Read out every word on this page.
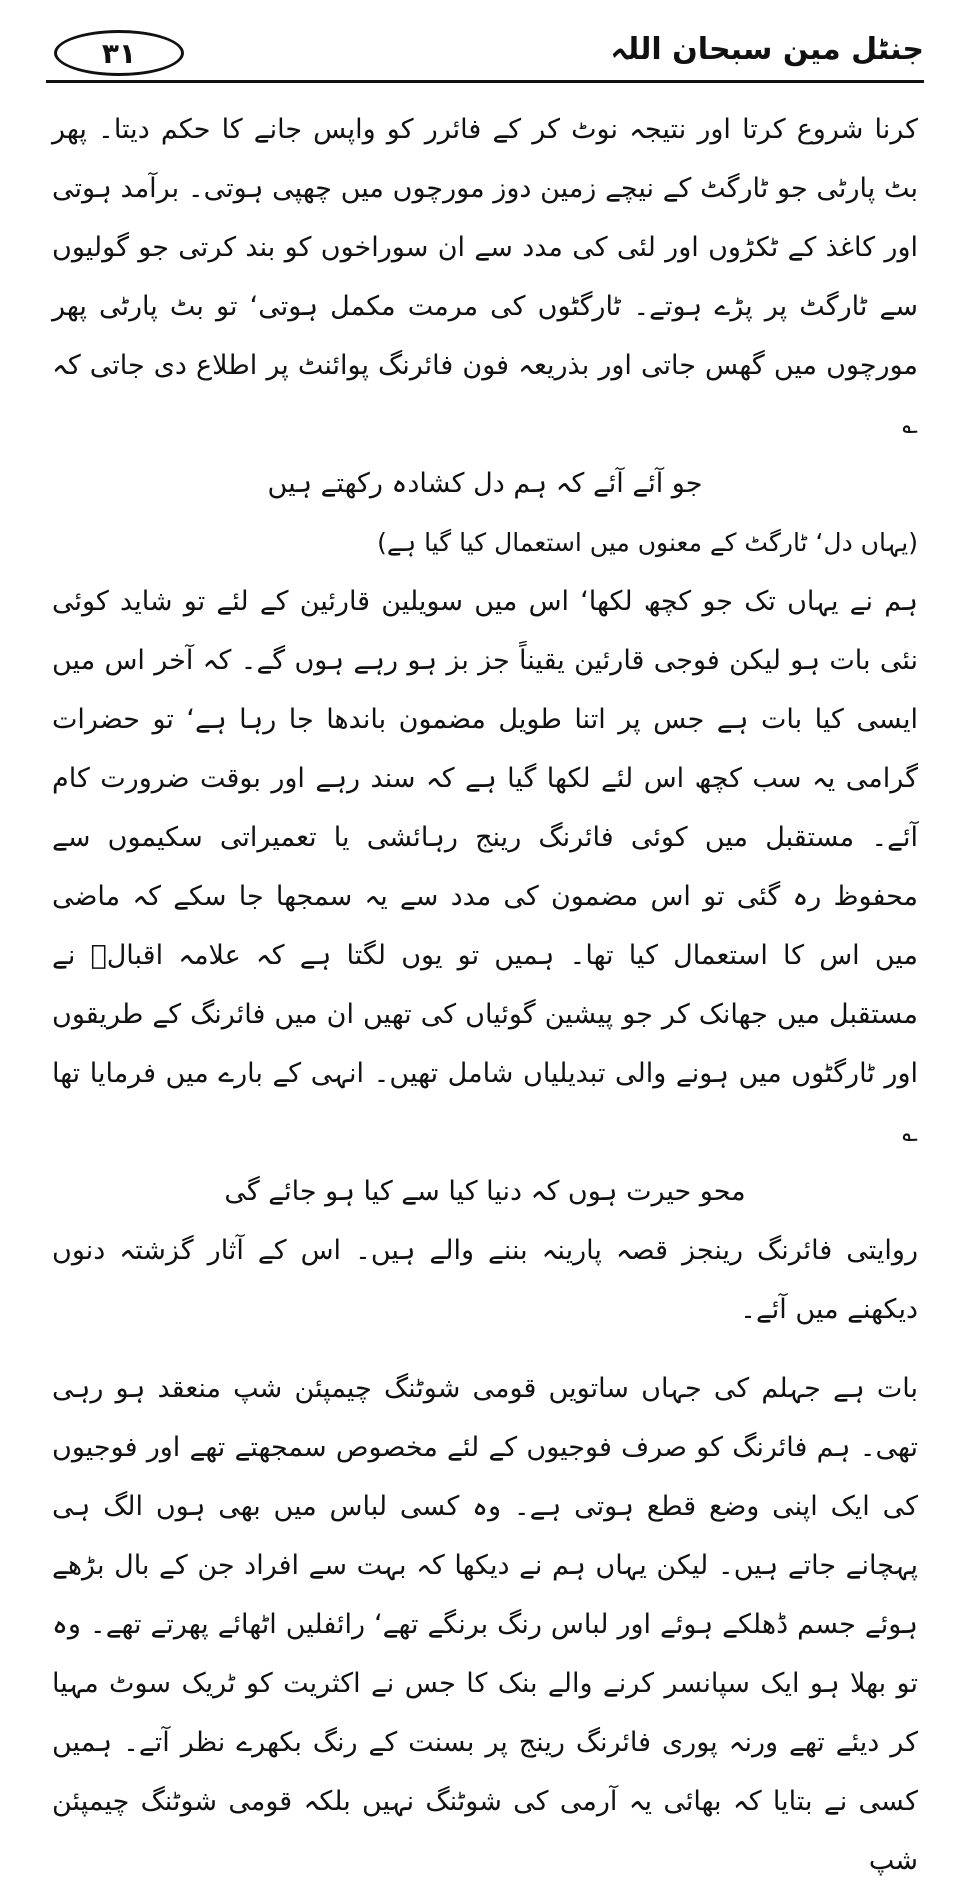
۳۱	جنٹل مین سبحان اللہ

کرنا شروع کرتا اور نتیجہ نوٹ کر کے فائرر کو واپس جانے کا حکم دیتا۔ پھر بٹ پارٹی جو ٹارگٹ کے نیچے زمین دوز مورچوں میں چھپی ہوتی۔ برآمد ہوتی اور کاغذ کے ٹکڑوں اور لئی کی مدد سے ان سوراخوں کو بند کرتی جو گولیوں سے ٹارگٹ پر پڑے ہوتے۔ ٹارگٹوں کی مرمت مکمل ہوتی‘ تو بٹ پارٹی پھر مورچوں میں گھس جاتی اور بذریعہ فون فائرنگ پوائنٹ پر اطلاع دی جاتی کہ ؎

جو آئے آئے کہ ہم دل کشادہ رکھتے ہیں

(یہاں دل‘ ٹارگٹ کے معنوں میں استعمال کیا گیا ہے)

ہم نے یہاں تک جو کچھ لکھا‘ اس میں سویلین قارئین کے لئے تو شاید کوئی نئی بات ہو لیکن فوجی قارئین یقیناً جز بز ہو رہے ہوں گے۔ کہ آخر اس میں ایسی کیا بات ہے جس پر اتنا طویل مضمون باندھا جا رہا ہے‘ تو حضرات گرامی یہ سب کچھ اس لئے لکھا گیا ہے کہ سند رہے اور بوقت ضرورت کام آئے۔ مستقبل میں کوئی فائرنگ رینج رہائشی یا تعمیراتی سکیموں سے محفوظ رہ گئی تو اس مضمون کی مدد سے یہ سمجھا جا سکے کہ ماضی میں اس کا استعمال کیا تھا۔ ہمیں تو یوں لگتا ہے کہ علامہ اقبالؒ نے مستقبل میں جھانک کر جو پیشین گوئیاں کی تھیں ان میں فائرنگ کے طریقوں اور ٹارگٹوں میں ہونے والی تبدیلیاں شامل تھیں۔ انہی کے بارے میں فرمایا تھا ؎

محو حیرت ہوں کہ دنیا کیا سے کیا ہو جائے گی

روایتی فائرنگ رینجز قصہ پارینہ بننے والے ہیں۔ اس کے آثار گزشتہ دنوں دیکھنے میں آئے۔

بات ہے جہلم کی جہاں ساتویں قومی شوٹنگ چیمپئن شپ منعقد ہو رہی تھی۔ ہم فائرنگ کو صرف فوجیوں کے لئے مخصوص سمجھتے تھے اور فوجیوں کی ایک اپنی وضع قطع ہوتی ہے۔ وہ کسی لباس میں بھی ہوں الگ ہی پہچانے جاتے ہیں۔ لیکن یہاں ہم نے دیکھا کہ بہت سے افراد جن کے بال بڑھے ہوئے جسم ڈھلکے ہوئے اور لباس رنگ برنگے تھے‘ رائفلیں اٹھائے پھرتے تھے۔ وہ تو بھلا ہو ایک سپانسر کرنے والے بنک کا جس نے اکثریت کو ٹریک سوٹ مہیا کر دیئے تھے ورنہ پوری فائرنگ رینج پر بسنت کے رنگ بکھرے نظر آتے۔ ہمیں کسی نے بتایا کہ بھائی یہ آرمی کی شوٹنگ نہیں بلکہ قومی شوٹنگ چیمپئن شپ
